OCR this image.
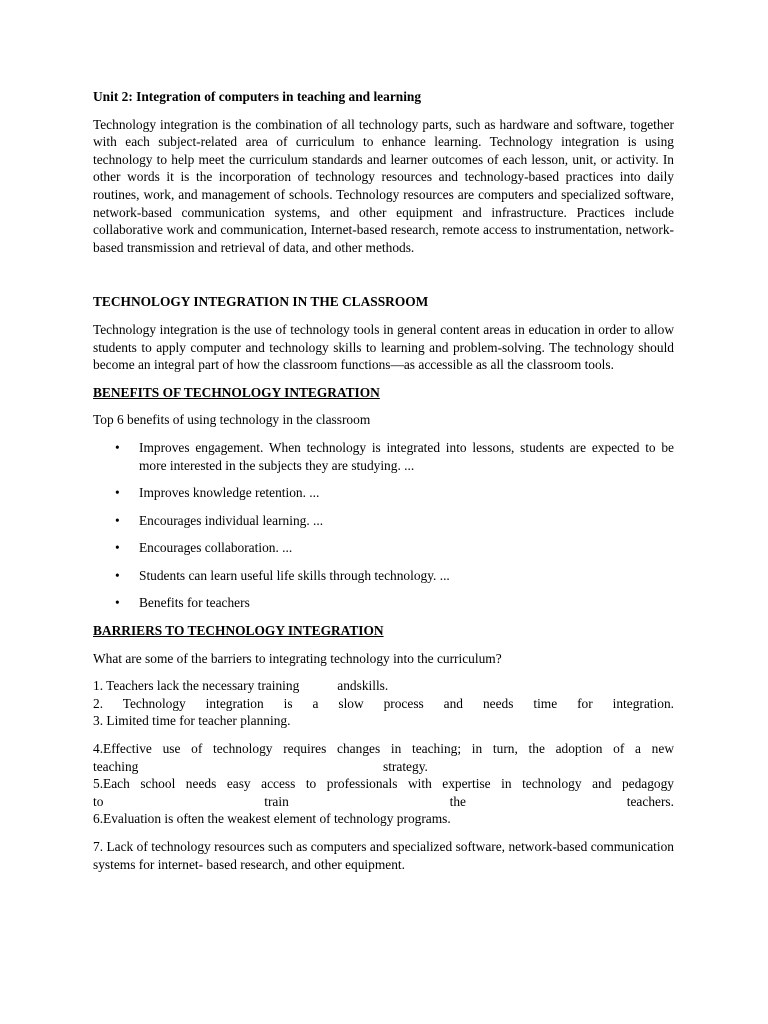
Unit 2: Integration of computers in teaching and learning

Technology integration is the combination of all technology parts, such as hardware and software, together with each subject-related area of curriculum to enhance learning. Technology integration is using technology to help meet the curriculum standards and learner outcomes of each lesson, unit, or activity. In other words it is the incorporation of technology resources and technology-based practices into daily routines, work, and management of schools. Technology resources are computers and specialized software, network-based communication systems, and other equipment and infrastructure. Practices include collaborative work and communication, Internet-based research, remote access to instrumentation, network-based transmission and retrieval of data, and other methods.

TECHNOLOGY INTEGRATION IN THE CLASSROOM

Technology integration is the use of technology tools in general content areas in education in order to allow students to apply computer and technology skills to learning and problem-solving. The technology should become an integral part of how the classroom functions—as accessible as all the classroom tools.

BENEFITS OF TECHNOLOGY INTEGRATION

Top 6 benefits of using technology in the classroom

• Improves engagement. When technology is integrated into lessons, students are expected to be more interested in the subjects they are studying. ...
• Improves knowledge retention. ...
• Encourages individual learning. ...
• Encourages collaboration. ...
• Students can learn useful life skills through technology. ...
• Benefits for teachers

BARRIERS TO TECHNOLOGY INTEGRATION

What are some of the barriers to integrating technology into the curriculum?

1. Teachers lack the necessary training	andskills.

2. Technology integration is a slow process and needs time for integration.

3. Limited time for teacher planning.

4.Effective use of technology requires changes in teaching; in turn, the adoption of a new

teaching	strategy.

5.Each school needs easy access to professionals with expertise in technology and pedagogy

to	train	the	teachers.

6.Evaluation is often the weakest element of technology programs.

7. Lack of technology resources such as computers and specialized software, network-based communication systems for internet- based research, and other equipment.
